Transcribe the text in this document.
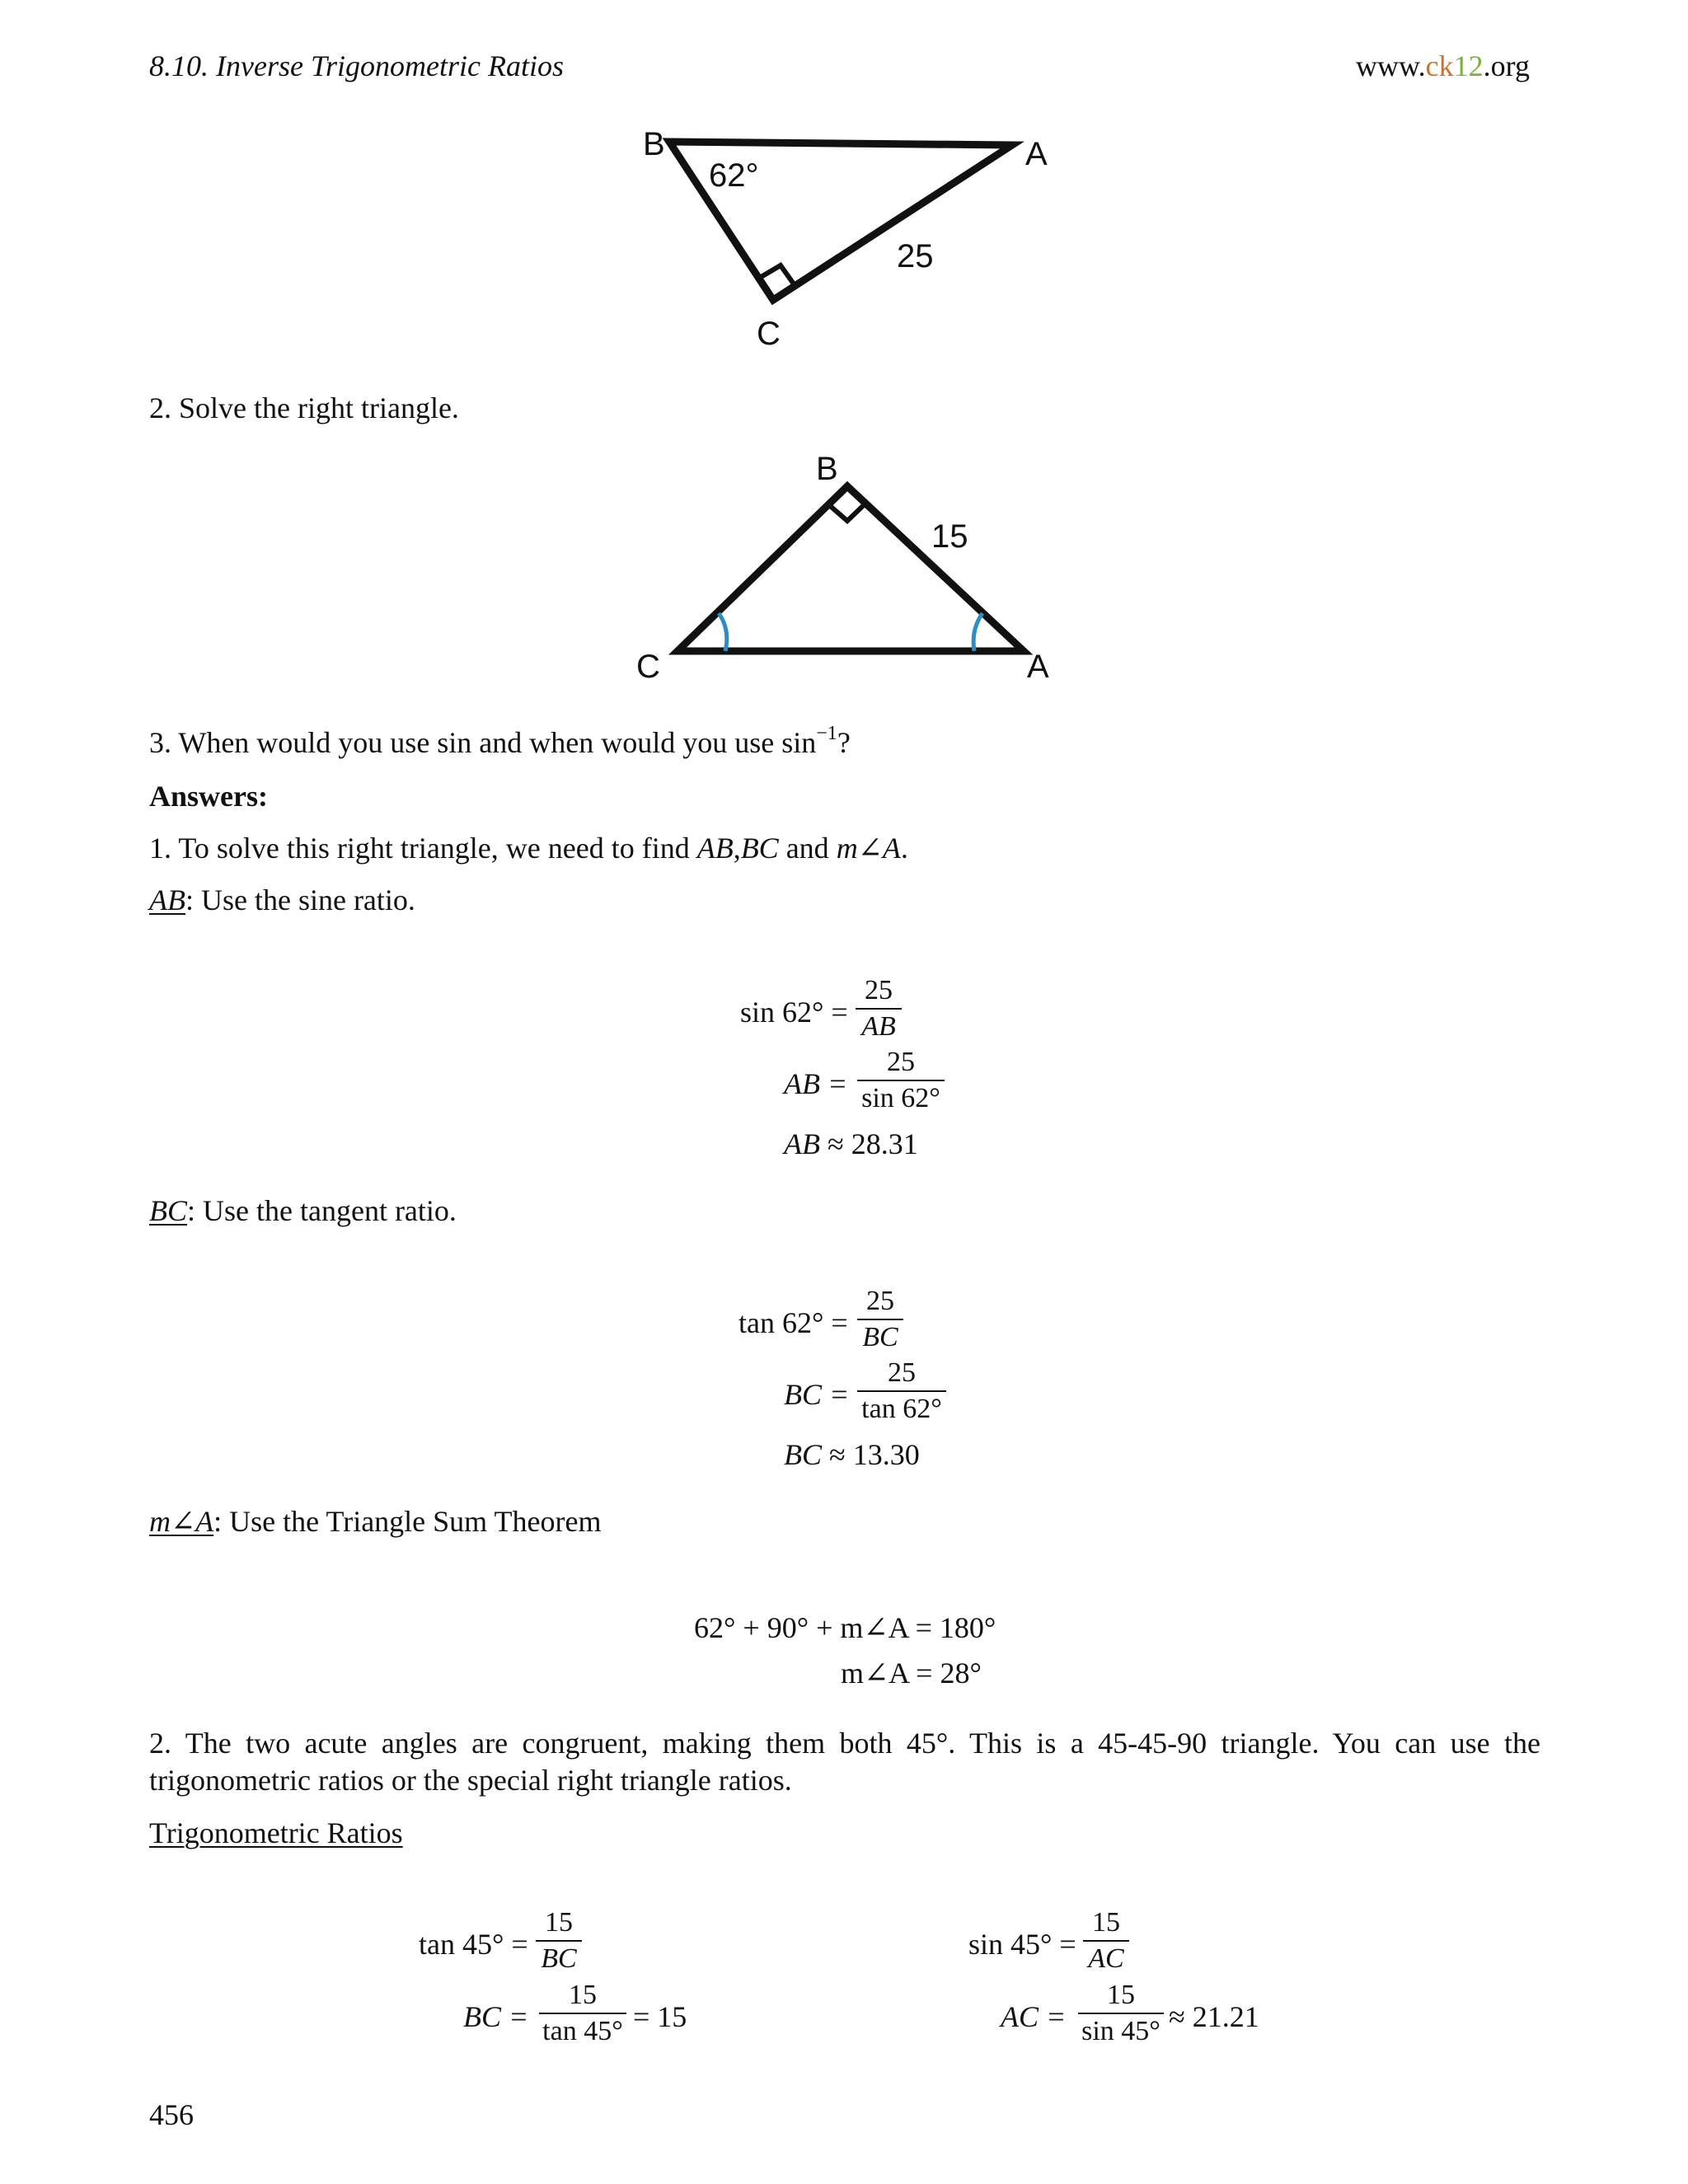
8.10. Inverse Trigonometric Ratios	www.ck12.org
B	A
C
62°
25
2. Solve the right triangle.
B
A
C
15
3. When would you use sin and when would you use $\sin^{-1}$?
Answers:
1. To solve this right triangle, we need to find AB,BC and m∠A.
AB: Use the sine ratio.
sin 62° =
25
AB
AB =
25
sin 62°
AB ≈ 28.31
BC: Use the tangent ratio.
tan 62° =
25
BC
BC =
25
tan 62°
BC ≈ 13.30
m∠A: Use the Triangle Sum Theorem
62° + 90° + m∠A = 180°
m∠A = 28°
2. The two acute angles are congruent, making them both 45°. This is a 45-45-90 triangle. You can use the
trigonometric ratios or the special right triangle ratios.
Trigonometric Ratios
tan 45° =
15
BC
BC =
15
tan 45° = 15
sin 45° =
15
AC
AC =
15
sin 45° ≈ 21.21
456
